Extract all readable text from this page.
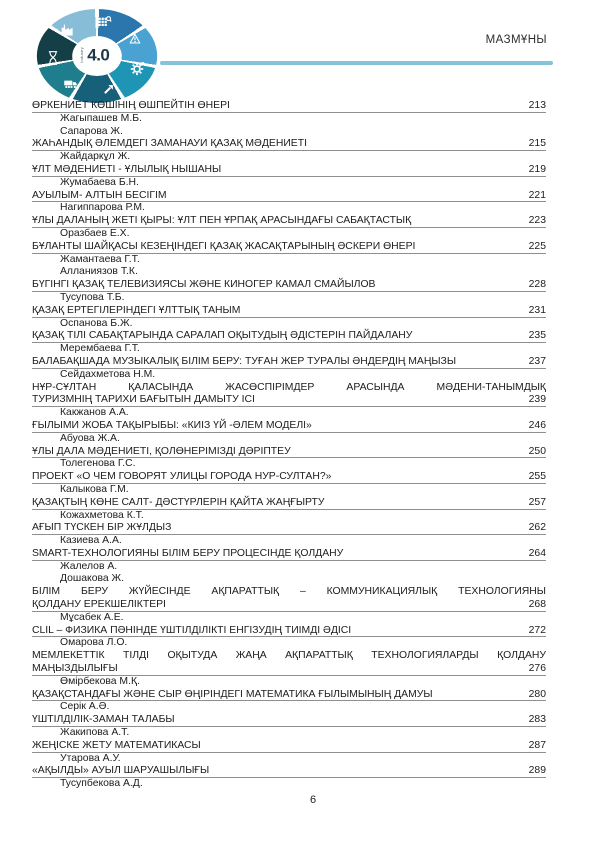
Industry 4.0
МАЗМҰНЫ
ӨРКЕНИЕТ КӨШІНІҢ ӨШПЕЙТІН ӨНЕРІ	213
Жагыпашев М.Б.
Сапарова Ж.
ЖАҺАНДЫҚ ӘЛЕМДЕГІ ЗАМАНАУИ ҚАЗАҚ МӘДЕНИЕТІ	215
Жайдаркұл Ж.
ҰЛТ МӘДЕНИЕТІ - ҰЛЫЛЫҚ НЫШАНЫ	219
Жумабаева Б.Н.
АУЫЛЫМ- АЛТЫН БЕСІГІМ	221
Нагиппарова Р.М.
ҰЛЫ ДАЛАНЫҢ ЖЕТІ ҚЫРЫ: ҰЛТ ПЕН ҰРПАҚ АРАСЫНДАҒЫ САБАҚТАСТЫҚ	223
Оразбаев Е.Х.
БҰЛАНТЫ ШАЙҚАСЫ КЕЗЕҢІНДЕГІ ҚАЗАҚ ЖАСАҚТАРЫНЫҢ ӘСКЕРИ ӨНЕРІ	225
Жамантаева Г.Т.
Алланиязов Т.К.
БҮГІНГІ ҚАЗАҚ ТЕЛЕВИЗИЯСЫ ЖӘНЕ КИНОГЕР КАМАЛ СМАЙЫЛОВ	228
Тусупова Т.Б.
ҚАЗАҚ ЕРТЕГІЛЕРІНДЕГІ ҰЛТТЫҚ ТАНЫМ	231
Оспанова Б.Ж.
ҚАЗАҚ ТІЛІ САБАҚТАРЫНДА САРАЛАП ОҚЫТУДЫҢ ӘДІСТЕРІН ПАЙДАЛАНУ	235
Мерембаева Г.Т.
БАЛАБАҚШАДА МУЗЫКАЛЫҚ БІЛІМ БЕРУ: ТУҒАН ЖЕР ТУРАЛЫ ӘНДЕРДІҢ МАҢЫЗЫ	237
Сейдахметова Н.М.
НҰР-СҰЛТАН ҚАЛАСЫНДА ЖАСӨСПІРІМДЕР АРАСЫНДА МӘДЕНИ-ТАНЫМДЫҚ
ТУРИЗМНІҢ ТАРИХИ БАҒЫТЫН ДАМЫТУ ІСІ	239
Какжанов А.А.
ҒЫЛЫМИ ЖОБА ТАҚЫРЫБЫ: «КИІЗ ҮЙ -ӘЛЕМ МОДЕЛІ»	246
Абуова Ж.А.
ҰЛЫ ДАЛА МӘДЕНИЕТІ, ҚОЛӨНЕРІМІЗДІ ДӘРІПТЕУ	250
Толегенова Г.С.
ПРОЕКТ «О ЧЕМ ГОВОРЯТ УЛИЦЫ ГОРОДА НУР-СУЛТАН?»	255
Калыкова Г.М.
ҚАЗАҚТЫҢ КӨНЕ САЛТ- ДӘСТҮРЛЕРІН ҚАЙТА ЖАҢҒЫРТУ	257
Кожахметова К.Т.
АҒЫП ТҮСКЕН БІР ЖҰЛДЫЗ	262
Казиева А.А.
SMART-ТЕХНОЛОГИЯНЫ БІЛІМ БЕРУ ПРОЦЕСІНДЕ ҚОЛДАНУ	264
Жалелов А.
Дошакова Ж.
БІЛІМ БЕРУ ЖҮЙЕСІНДЕ АҚПАРАТТЫҚ – КОММУНИКАЦИЯЛЫҚ ТЕХНОЛОГИЯНЫ
ҚОЛДАНУ ЕРЕКШЕЛІКТЕРІ	268
Мұсабек А.Е.
CLIL – ФИЗИКА ПӘНІНДЕ ҮШТІЛДІЛІКТІ ЕНГІЗУДІҢ ТИІМДІ ӘДІСІ	272
Омарова Л.О.
МЕМЛЕКЕТТІК ТІЛДІ ОҚЫТУДА ЖАҢА АҚПАРАТТЫҚ ТЕХНОЛОГИЯЛАРДЫ ҚОЛДАНУ
МАҢЫЗДЫЛЫҒЫ	276
Өмірбекова М.Қ.
ҚАЗАҚСТАНДАҒЫ ЖӘНЕ СЫР ӨҢІРІНДЕГІ МАТЕМАТИКА ҒЫЛЫМЫНЫҢ ДАМУЫ	280
Серік А.Ә.
ҮШТІЛДІЛІК-ЗАМАН ТАЛАБЫ	283
Жакипова А.Т.
ЖЕҢІСКЕ ЖЕТУ МАТЕМАТИКАСЫ	287
Утарова А.У.
«АҚЫЛДЫ» АУЫЛ ШАРУАШЫЛЫҒЫ	289
Тусупбекова А.Д.
6
